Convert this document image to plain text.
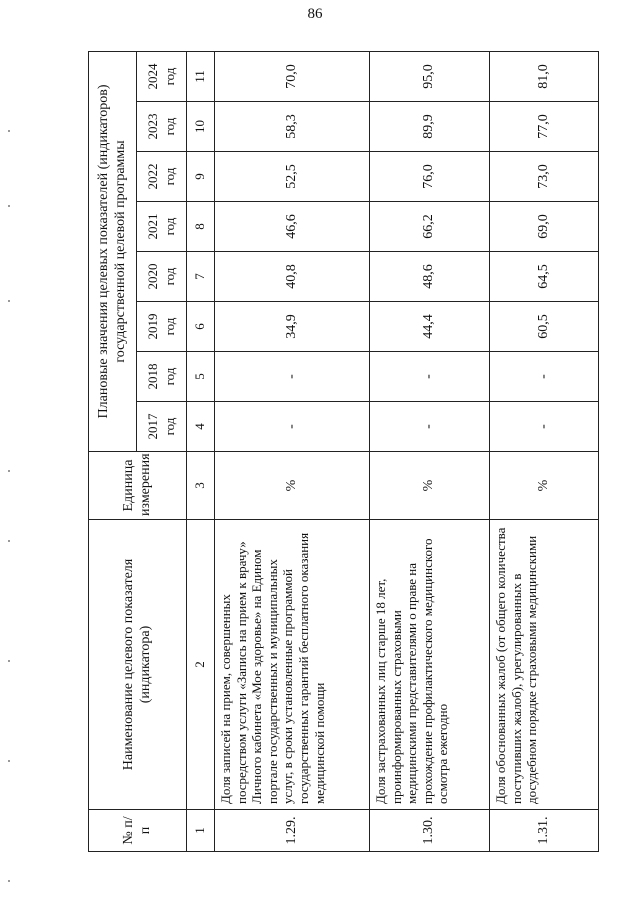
86
№ п/п	Наименование целевого показателя (индикатора)	Единица измерения	Плановые значения целевых показателей (индикаторов) государственной целевой программы							
			2017 год	2018 год	2019 год	2020 год	2021 год	2022 год	2023 год	2024 год
1	2	3	4	5	6	7	8	9	10	11
1.29.	Доля записей на прием, совершенных посредством услуги «Запись на прием к врачу» Личного кабинета «Мое здоровье» на Едином портале государственных и муниципальных услуг, в сроки установленные программой государственных гарантий бесплатного оказания медицинской помощи	%	-	-	34,9	40,8	46,6	52,5	58,3	70,0
1.30.	Доля застрахованных лиц старше 18 лет, проинформированных страховыми медицинскими представителями о праве на прохождение профилактического медицинского осмотра ежегодно	%	-	-	44,4	48,6	66,2	76,0	89,9	95,0
1.31.	Доля обоснованных жалоб (от общего количества поступивших жалоб), урегулированных в досудебном порядке страховыми медицинскими	%	-	-	60,5	64,5	69,0	73,0	77,0	81,0
